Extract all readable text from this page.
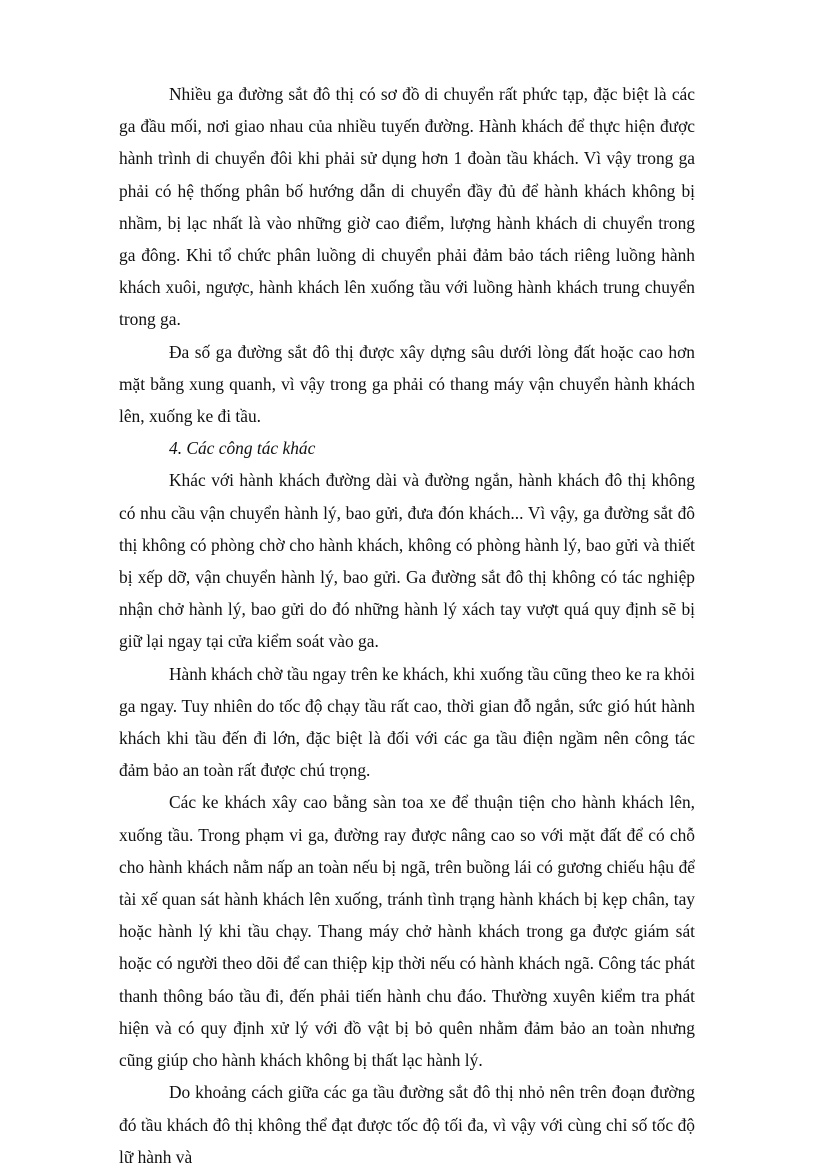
Nhiều ga đường sắt đô thị có sơ đồ di chuyển rất phức tạp, đặc biệt là các ga đầu mối, nơi giao nhau của nhiều tuyến đường. Hành khách để thực hiện được hành trình di chuyển đôi khi phải sử dụng hơn 1 đoàn tầu khách. Vì vậy trong ga phải có hệ thống phân bố hướng dẫn di chuyển đầy đủ để hành khách không bị nhầm, bị lạc nhất là vào những giờ cao điểm, lượng hành khách di chuyển trong ga đông. Khi tổ chức phân luồng di chuyển phải đảm bảo tách riêng luồng hành khách xuôi, ngược, hành khách lên xuống tầu với luồng hành khách trung chuyển trong ga.

Đa số ga đường sắt đô thị được xây dựng sâu dưới lòng đất hoặc cao hơn mặt bằng xung quanh, vì vậy trong ga phải có thang máy vận chuyển hành khách lên, xuống ke đi tầu.

4. Các công tác khác

Khác với hành khách đường dài và đường ngắn, hành khách đô thị không có nhu cầu vận chuyển hành lý, bao gửi, đưa đón khách... Vì vậy, ga đường sắt đô thị không có phòng chờ cho hành khách, không có phòng hành lý, bao gửi và thiết bị xếp dỡ, vận chuyển hành lý, bao gửi. Ga đường sắt đô thị không có tác nghiệp nhận chở hành lý, bao gửi do đó những hành lý xách tay vượt quá quy định sẽ bị giữ lại ngay tại cửa kiểm soát vào ga.

Hành khách chờ tầu ngay trên ke khách, khi xuống tầu cũng theo ke ra khỏi ga ngay. Tuy nhiên do tốc độ chạy tầu rất cao, thời gian đỗ ngắn, sức gió hút hành khách khi tầu đến đi lớn, đặc biệt là đối với các ga tầu điện ngầm nên công tác đảm bảo an toàn rất được chú trọng.

Các ke khách xây cao bằng sàn toa xe để thuận tiện cho hành khách lên, xuống tầu. Trong phạm vi ga, đường ray được nâng cao so với mặt đất để có chỗ cho hành khách nằm nấp an toàn nếu bị ngã, trên buồng lái có gương chiếu hậu để tài xế quan sát hành khách lên xuống, tránh tình trạng hành khách bị kẹp chân, tay hoặc hành lý khi tầu chạy. Thang máy chở hành khách trong ga được giám sát hoặc có người theo dõi để can thiệp kịp thời nếu có hành khách ngã. Công tác phát thanh thông báo tầu đi, đến phải tiến hành chu đáo. Thường xuyên kiểm tra phát hiện và có quy định xử lý với đồ vật bị bỏ quên nhằm đảm bảo an toàn nhưng cũng giúp cho hành khách không bị thất lạc hành lý.

Do khoảng cách giữa các ga tầu đường sắt đô thị nhỏ nên trên đoạn đường đó tầu khách đô thị không thể đạt được tốc độ tối đa, vì vậy với cùng chỉ số tốc độ lữ hành và
